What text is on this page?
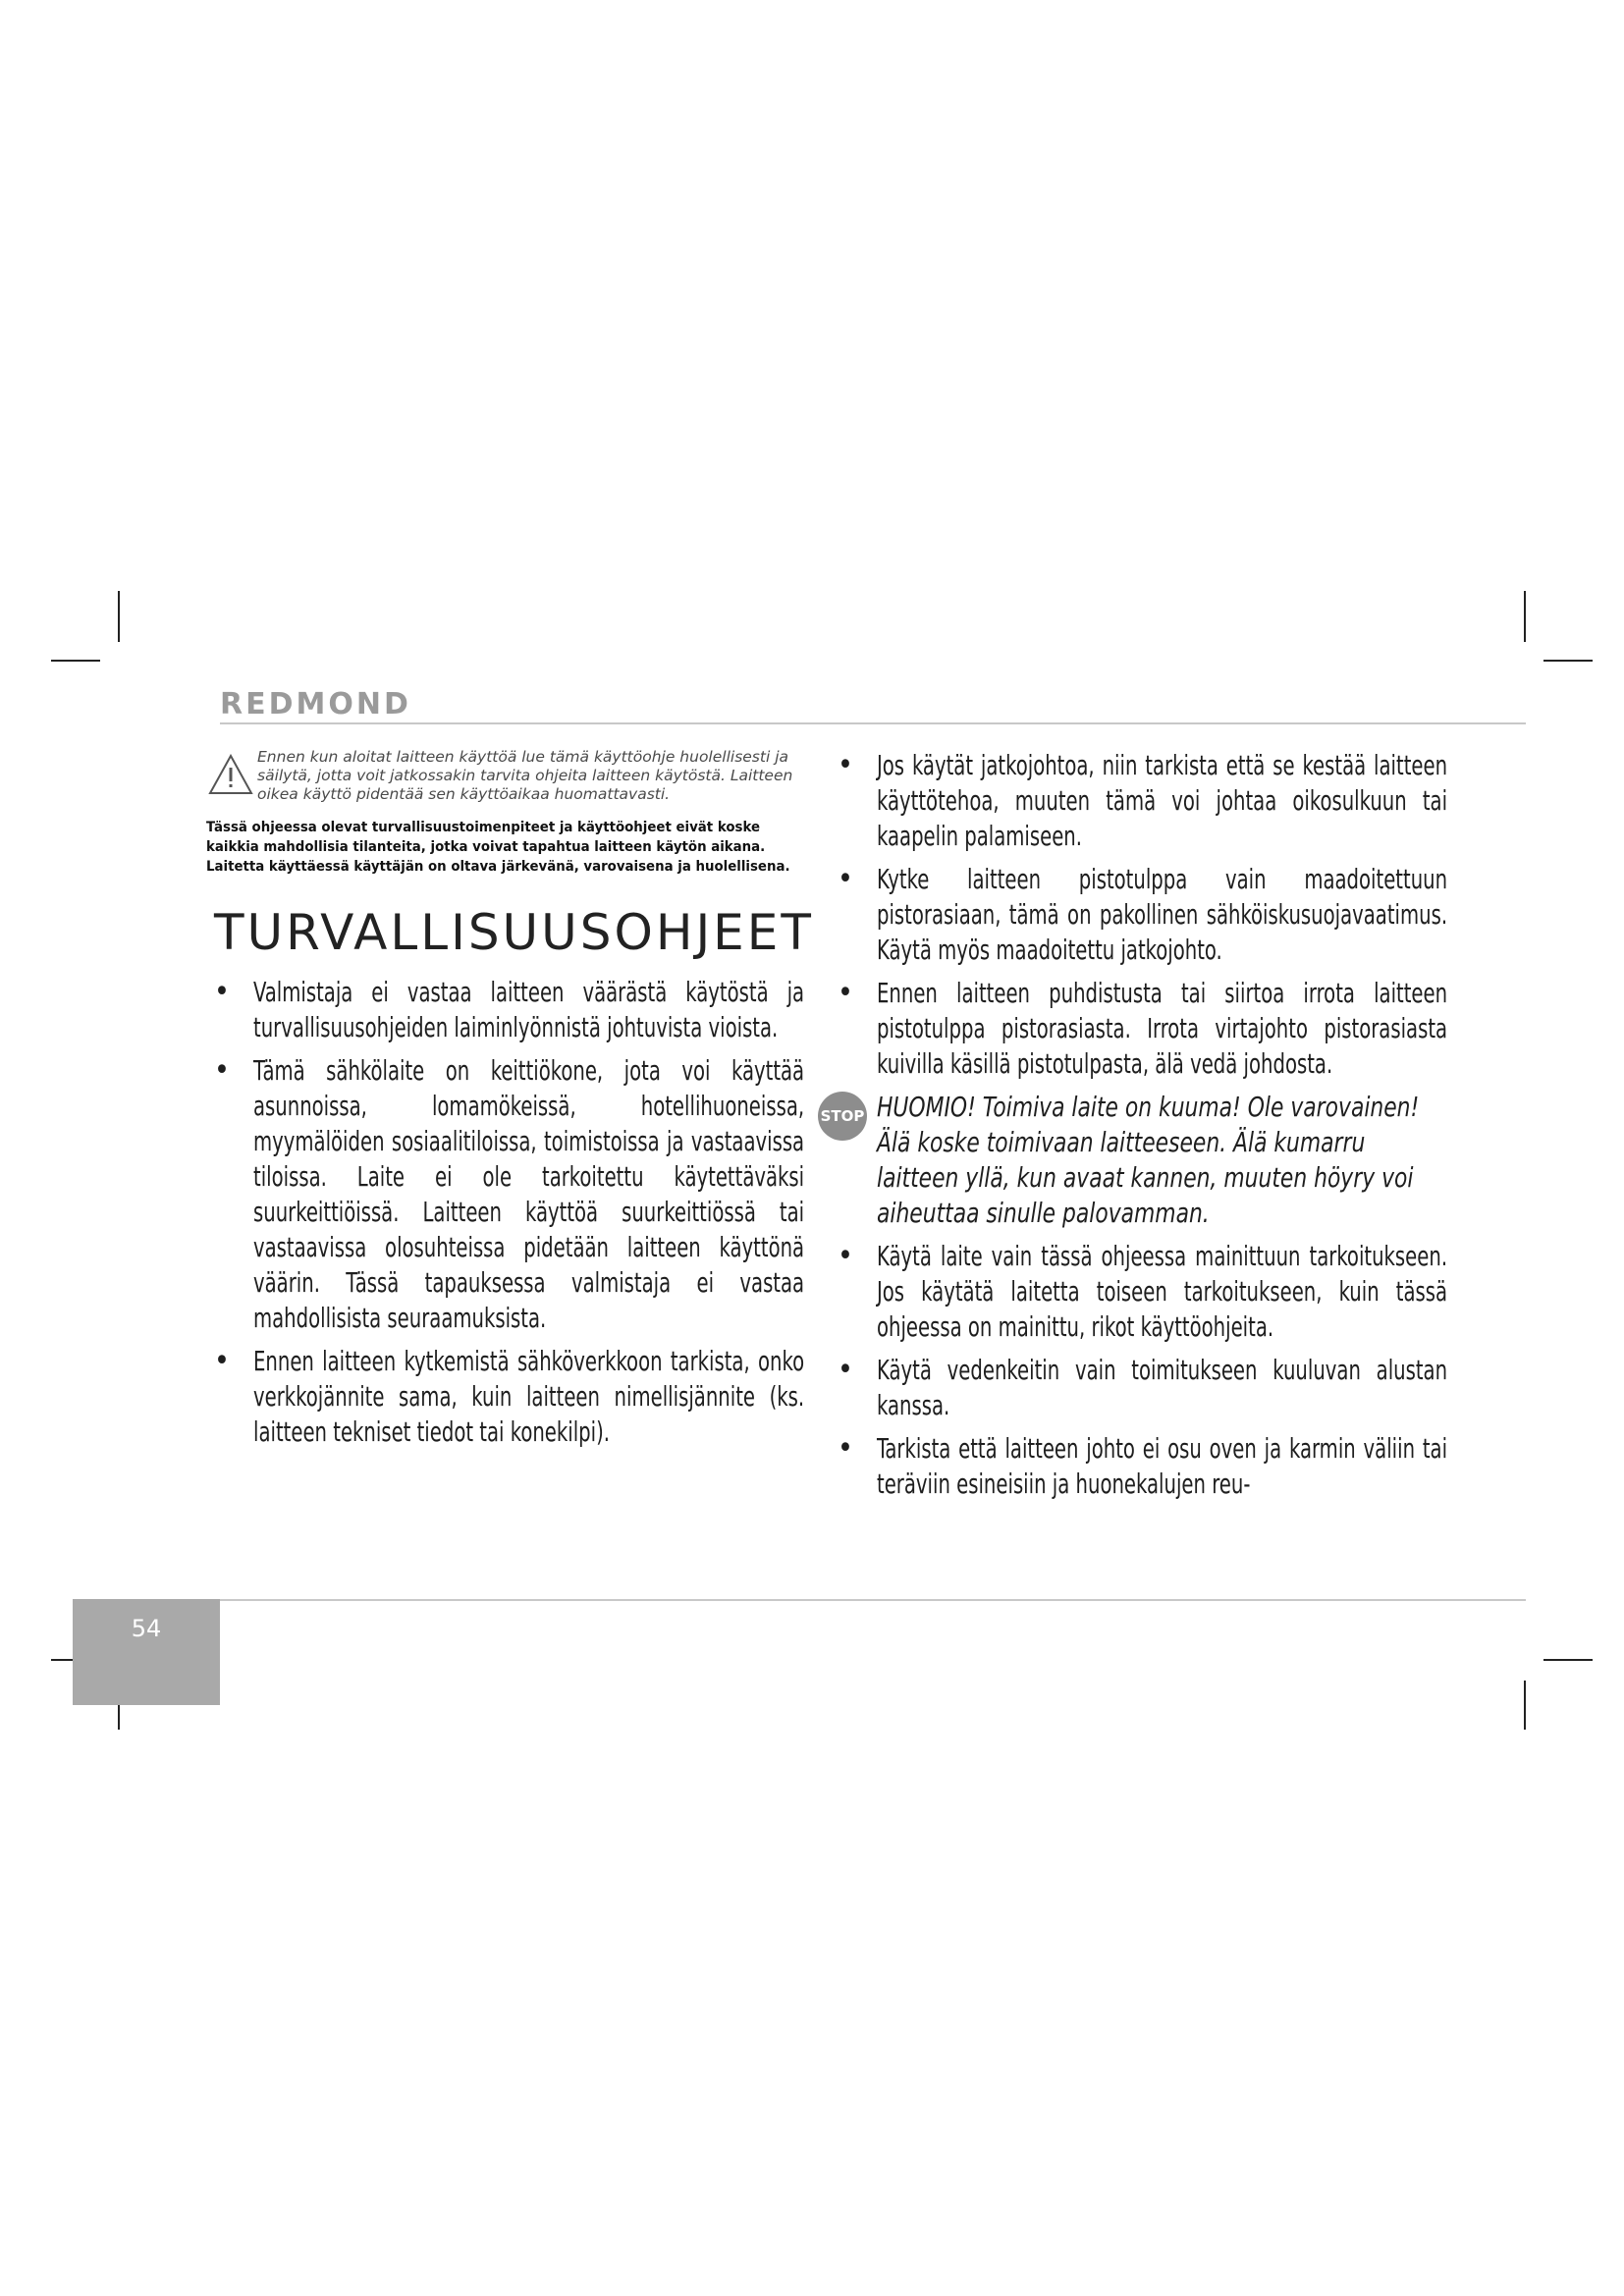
REDMOND
Ennen kun aloitat laitteen käyttöä lue tämä käyttöohje huolellisesti ja säilytä, jotta voit jatkossakin tarvita ohjeita laitteen käytöstä. Laitteen oikea käyttö pidentää sen käyttöaikaa huomattavasti.
Tässä ohjeessa olevat turvallisuustoimenpiteet ja käyttöohjeet eivät koske kaikkia mahdollisia tilanteita, jotka voivat tapahtua laitteen käytön aikana. Laitetta käyttäessä käyttäjän on oltava järkevänä, varovaisena ja huolellisena.
TURVALLISUUSOHJEET
• Valmistaja ei vastaa laitteen väärästä käytöstä ja turvallisuusohjeiden laiminlyönnistä johtuvista vioista.
• Tämä sähkölaite on keittiökone, jota voi käyttää asunnoissa, lomamökeissä, hotellihuoneissa, myymälöiden sosiaalitiloissa, toimistoissa ja vastaavissa tiloissa. Laite ei ole tarkoitettu käytettäväksi suurkeittiöissä. Laitteen käyttöä suurkeittiössä tai vastaavissa olosuhteissa pidetään laitteen käyttönä väärin. Tässä tapauksessa valmistaja ei vastaa mahdollisista seuraamuksista.
• Ennen laitteen kytkemistä sähköverkkoon tarkista, onko verkkojännite sama, kuin laitteen nimellisjännite (ks. laitteen tekniset tiedot tai konekilpi).
• Jos käytät jatkojohtoa, niin tarkista että se kestää laitteen käyttötehoa, muuten tämä voi johtaa oikosulkuun tai kaapelin palamiseen.
• Kytke laitteen pistotulppa vain maadoitettuun pistorasiaan, tämä on pakollinen sähköiskusuojavaatimus. Käytä myös maadoitettu jatkojohto.
• Ennen laitteen puhdistusta tai siirtoa irrota laitteen pistotulppa pistorasiasta. Irrota virtajohto pistorasiasta kuivilla käsillä pistotulpasta, älä vedä johdosta.
STOP HUOMIO! Toimiva laite on kuuma! Ole varovainen! Älä koske toimivaan laitteeseen. Älä kumarru laitteen yllä, kun avaat kannen, muuten höyry voi aiheuttaa sinulle palovamman.
• Käytä laite vain tässä ohjeessa mainittuun tarkoitukseen. Jos käytätä laitetta toiseen tarkoitukseen, kuin tässä ohjeessa on mainittu, rikot käyttöohjeita.
• Käytä vedenkeitin vain toimitukseen kuuluvan alustan kanssa.
• Tarkista että laitteen johto ei osu oven ja karmin väliin tai teräviin esineisiin ja huonekalujen reu-
54
